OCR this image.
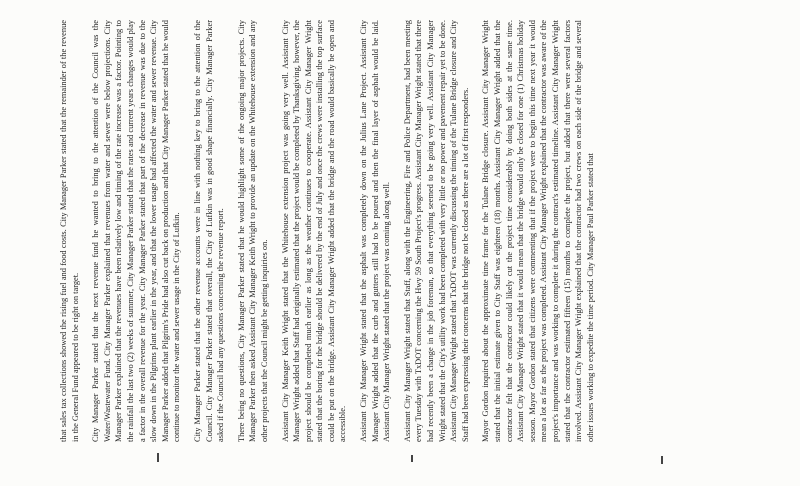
that sales tax collections showed the rising fuel and food costs. City Manager Parker stated that the remainder of the revenue in the General Fund appeared to be right on target. City Manager Parker stated that the next revenue fund he wanted to bring to the attention of the Council was the Water/Wastewater Fund. City Manager Parker explained that revenues from water and sewer were below projections. City Manager Parker explained that the revenues have been relatively low and timing of the rate increase was a factor. Pointing to the rainfall the last two (2) weeks of summer, City Manager Parker stated that the rates and current years changes would play a factor in the overall revenue for the year. City Manager Parker stated that part of the decrease in revenue was due to the slow down in the Pilgrims plant earlier in the year, and that the lower usage had affected the water and sewer revenue. City Manager Parker added that Pilgrim's Pride had also cut back on production and that City Manager Parker stated that he would continue to monitor the water and sewer usage in the City of Lufkin. City Manager Parker stated that the other revenue accounts were in line with nothing key to bring to the attention of the Council. City Manager Parker stated that overall, the City of Lufkin was in good shape financially. City Manager Parker asked if the Council had any questions concerning the revenue report. There being no questions, City Manager Parker stated that he would highlight some of the ongoing major projects. City Manager Parker then asked Assistant City Manager Keith Wright to provide an update on the Whitehouse extension and any other projects that the Council might be getting inquiries on. Assistant City Manager Keith Wright stated that the Whitehouse extension project was going very well. Assistant City Manager Wright added that Staff had originally estimated that the project would be completed by Thanksgiving, however, the project should be completed much earlier as long as the weather continues to cooperate. Assistant City Manager Wright stated that the boring for the bridge should be delivered by the end of July and once the crews were installing the top surface could be put on the bridge. Assistant City Manager Wright added that the bridge and the road would basically be open and accessible. Assistant City Manager Wright stated that the asphalt was completely down on the Julius Lane Project. Assistant City Manager Wright added that the curb and gutters still had to be poured and then the final layer of asphalt would be laid. Assistant City Manager Wright stated that the project was coming along well. Assistant City Manager Wright stated that Staff, along with the Engineering, Fire and Police Department, had been meeting every Tuesday with TxDOT concerning the Hwy 59 South Project's progress. Assistant City Manager Wright stated that there had recently been a change in the job foreman, so that everything seemed to be going very well. Assistant City Manager Wright stated that the City's utility work had been completed with very little or no power and pavement repair yet to be done. Assistant City Manager Wright stated that TxDOT was currently discussing the timing of the Tulane Bridge closure and City Staff had been expressing their concerns that the bridge not be closed as there are a lot of first responders. Mayor Gordon inquired about the approximate time frame for the Tulane Bridge closure. Assistant City Manager Wright stated that the initial estimate given to City Staff was eighteen (18) months. Assistant City Manager Wright added that the contractor felt that the contractor could likely cut the project time considerably by doing both sides at the same time. Assistant City Manager Wright stated that it would mean that the bridge would only be closed for one (1) Christmas holiday season. Mayor Gordon stated that citizens were commenting that if the project were to begin this time next year it would mean a lot as far as the project was completed. Assistant City Manager Wright explained that the contractor was aware of the project's importance and was working to complete it during the contract's estimated timeline. Assistant City Manager Wright stated that the contractor estimated fifteen (15) months to complete the project, but added that there were several factors involved. Assistant City Manager Wright explained that the contractor had two crews on each side of the bridge and several other issues working to expedite the time period. City Manager Paul Parker stated that
